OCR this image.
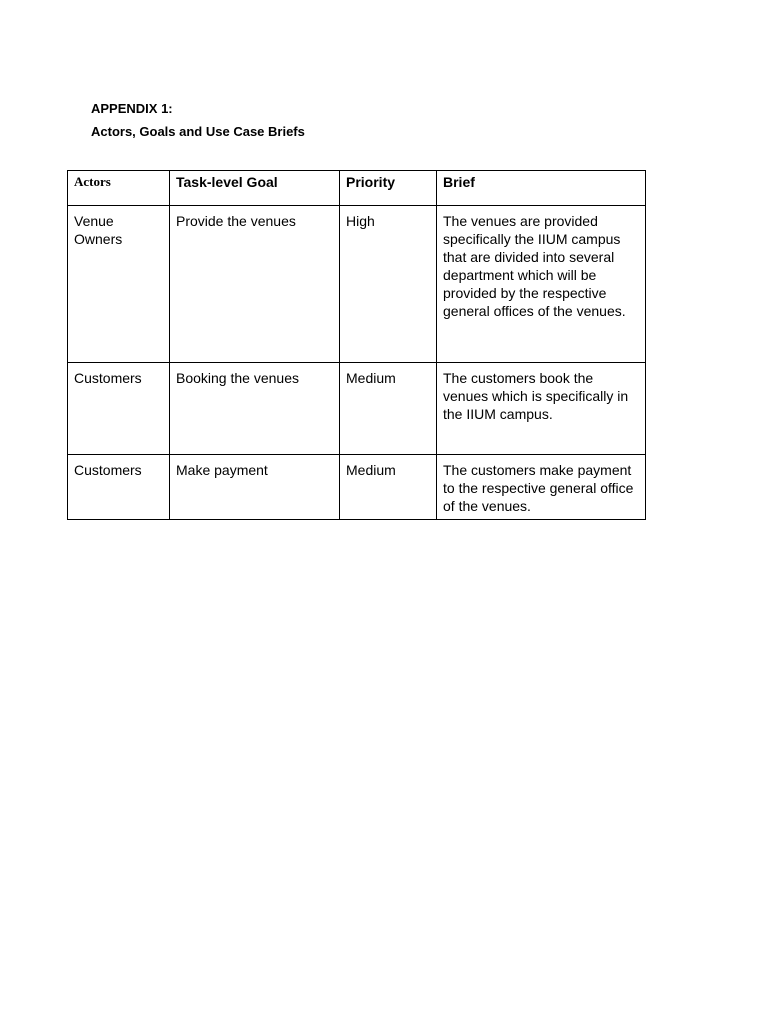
APPENDIX 1:
Actors, Goals and Use Case Briefs
Actors	Task-level Goal	Priority	Brief
Venue Owners	Provide the venues	High	The venues are provided specifically the IIUM campus that are divided into several department which will be provided by the respective general offices of the venues.
Customers	Booking the venues	Medium	The customers book the venues which is specifically in the IIUM campus.
Customers	Make payment	Medium	The customers make payment to the respective general office of the venues.
